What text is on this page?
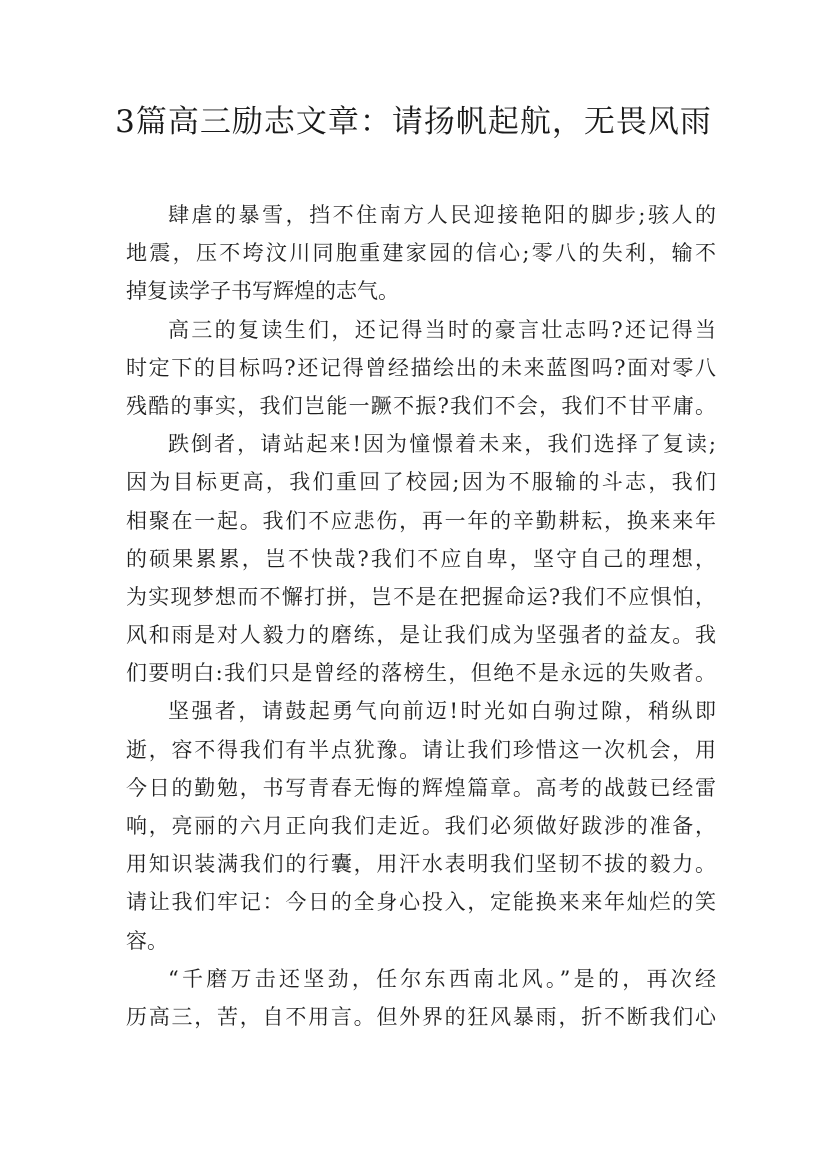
3篇高三励志文章：请扬帆起航，无畏风雨
肆虐的暴雪，挡不住南方人民迎接艳阳的脚步;骇人的
地震，压不垮汶川同胞重建家园的信心;零八的失利，输不
掉复读学子书写辉煌的志气。
高三的复读生们，还记得当时的豪言壮志吗?还记得当
时定下的目标吗?还记得曾经描绘出的未来蓝图吗?面对零八
残酷的事实，我们岂能一蹶不振?我们不会，我们不甘平庸。
跌倒者，请站起来!因为憧憬着未来，我们选择了复读;
因为目标更高，我们重回了校园;因为不服输的斗志，我们
相聚在一起。我们不应悲伤，再一年的辛勤耕耘，换来来年
的硕果累累，岂不快哉?我们不应自卑，坚守自己的理想，
为实现梦想而不懈打拼，岂不是在把握命运?我们不应惧怕，
风和雨是对人毅力的磨练，是让我们成为坚强者的益友。我
们要明白:我们只是曾经的落榜生，但绝不是永远的失败者。
坚强者，请鼓起勇气向前迈!时光如白驹过隙，稍纵即
逝，容不得我们有半点犹豫。请让我们珍惜这一次机会，用
今日的勤勉，书写青春无悔的辉煌篇章。高考的战鼓已经雷
响，亮丽的六月正向我们走近。我们必须做好跋涉的准备，
用知识装满我们的行囊，用汗水表明我们坚韧不拔的毅力。
请让我们牢记：今日的全身心投入，定能换来来年灿烂的笑
容。
“千磨万击还坚劲，任尔东西南北风。”是的，再次经
历高三，苦，自不用言。但外界的狂风暴雨，折不断我们心
